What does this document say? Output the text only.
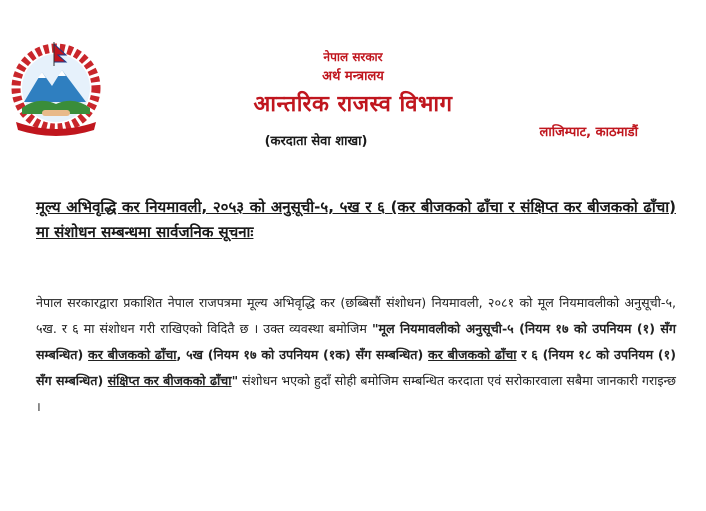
नेपाल सरकार
अर्थ मन्त्रालय
आन्तरिक राजस्व विभाग
(करदाता सेवा शाखा)
लाजिम्पाट, काठमाडौं
मूल्य अभिवृद्धि कर नियमावली, २०५३ को अनुसूची-५, ५ख र ६ (कर बीजकको ढाँचा र संक्षिप्त कर बीजकको ढाँचा) मा संशोधन सम्बन्धमा सार्वजनिक सूचनाः
नेपाल सरकारद्वारा प्रकाशित नेपाल राजपत्रमा मूल्य अभिवृद्धि कर (छब्बिसौं संशोधन) नियमावली, २०८१ को मूल नियमावलीको अनुसूची-५, ५ख. र ६ मा संशोधन गरी राखिएको विदितै छ । उक्त व्यवस्था बमोजिम "मूल नियमावलीको अनुसूची-५ (नियम १७ को उपनियम (१) सँग सम्बन्धित) कर बीजकको ढाँचा, ५ख (नियम १७ को उपनियम (१क) सँग सम्बन्धित) कर बीजकको ढाँचा र ६ (नियम १८ को उपनियम (१) सँग सम्बन्धित) संक्षिप्त कर बीजकको ढाँचा" संशोधन भएको हुदाँ सोही बमोजिम सम्बन्धित करदाता एवं सरोकारवाला सबैमा जानकारी गराइन्छ ।
